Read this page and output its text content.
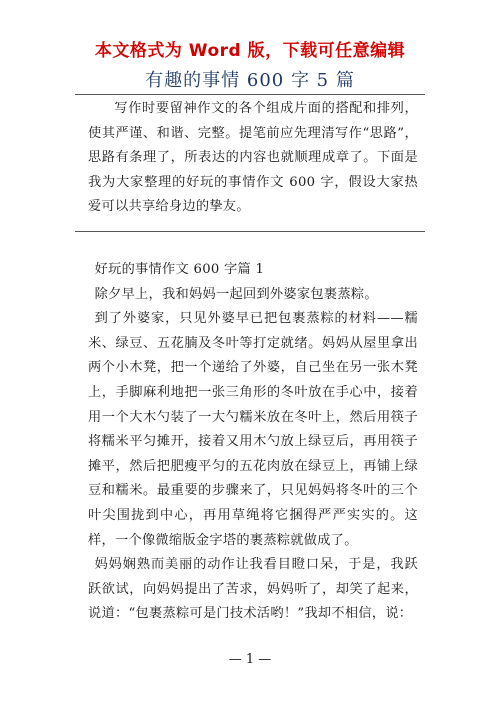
本文格式为 Word 版，下载可任意编辑
有趣的事情 600 字 5 篇

写作时要留神作文的各个组成片面的搭配和排列，使其严谨、和谐、完整。提笔前应先理清写作“思路”，思路有条理了，所表达的内容也就顺理成章了。下面是我为大家整理的好玩的事情作文 600 字，假设大家热爱可以共享给身边的挚友。

好玩的事情作文 600 字篇 1

除夕早上，我和妈妈一起回到外婆家包裹蒸粽。

到了外婆家，只见外婆早已把包裹蒸粽的材料——糯米、绿豆、五花腩及冬叶等打定就绪。妈妈从屋里拿出两个小木凳，把一个递给了外婆，自己坐在另一张木凳上，手脚麻利地把一张三角形的冬叶放在手心中，接着用一个大木勺装了一大勺糯米放在冬叶上，然后用筷子将糯米平匀摊开，接着又用木勺放上绿豆后，再用筷子摊平，然后把肥瘦平匀的五花肉放在绿豆上，再铺上绿豆和糯米。最重要的步骤来了，只见妈妈将冬叶的三个叶尖围拢到中心，再用草绳将它捆得严严实实的。这样，一个像微缩版金字塔的裹蒸粽就做成了。

妈妈娴熟而美丽的动作让我看目瞪口呆，于是，我跃跃欲试，向妈妈提出了苦求，妈妈听了，却笑了起来，说道：“包裹蒸粽可是门技术活哟！”我却不相信，说：

— 1 —
